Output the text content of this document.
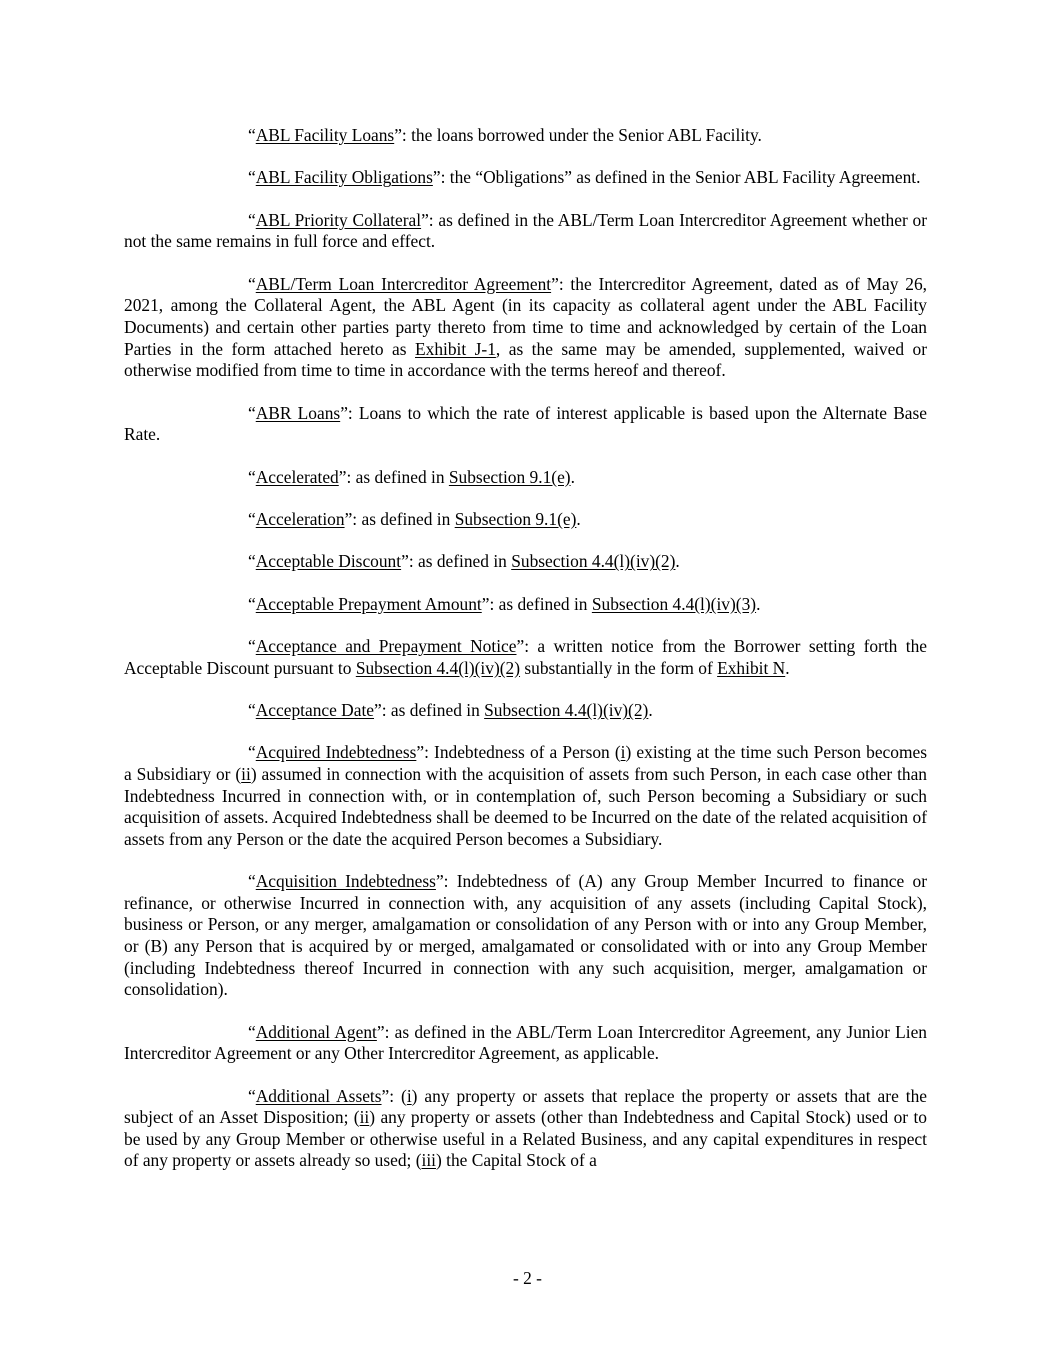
“ABL Facility Loans”: the loans borrowed under the Senior ABL Facility.

“ABL Facility Obligations”: the “Obligations” as defined in the Senior ABL Facility Agreement.

“ABL Priority Collateral”: as defined in the ABL/Term Loan Intercreditor Agreement whether or not the same remains in full force and effect.

“ABL/Term Loan Intercreditor Agreement”: the Intercreditor Agreement, dated as of May 26, 2021, among the Collateral Agent, the ABL Agent (in its capacity as collateral agent under the ABL Facility Documents) and certain other parties party thereto from time to time and acknowledged by certain of the Loan Parties in the form attached hereto as Exhibit J-1, as the same may be amended, supplemented, waived or otherwise modified from time to time in accordance with the terms hereof and thereof.

“ABR Loans”: Loans to which the rate of interest applicable is based upon the Alternate Base Rate.

“Accelerated”: as defined in Subsection 9.1(e).

“Acceleration”: as defined in Subsection 9.1(e).

“Acceptable Discount”: as defined in Subsection 4.4(l)(iv)(2).

“Acceptable Prepayment Amount”: as defined in Subsection 4.4(l)(iv)(3).

“Acceptance and Prepayment Notice”: a written notice from the Borrower setting forth the Acceptable Discount pursuant to Subsection 4.4(l)(iv)(2) substantially in the form of Exhibit N.

“Acceptance Date”: as defined in Subsection 4.4(l)(iv)(2).

“Acquired Indebtedness”: Indebtedness of a Person (i) existing at the time such Person becomes a Subsidiary or (ii) assumed in connection with the acquisition of assets from such Person, in each case other than Indebtedness Incurred in connection with, or in contemplation of, such Person becoming a Subsidiary or such acquisition of assets. Acquired Indebtedness shall be deemed to be Incurred on the date of the related acquisition of assets from any Person or the date the acquired Person becomes a Subsidiary.

“Acquisition Indebtedness”: Indebtedness of (A) any Group Member Incurred to finance or refinance, or otherwise Incurred in connection with, any acquisition of any assets (including Capital Stock), business or Person, or any merger, amalgamation or consolidation of any Person with or into any Group Member, or (B) any Person that is acquired by or merged, amalgamated or consolidated with or into any Group Member (including Indebtedness thereof Incurred in connection with any such acquisition, merger, amalgamation or consolidation).

“Additional Agent”: as defined in the ABL/Term Loan Intercreditor Agreement, any Junior Lien Intercreditor Agreement or any Other Intercreditor Agreement, as applicable.

“Additional Assets”: (i) any property or assets that replace the property or assets that are the subject of an Asset Disposition; (ii) any property or assets (other than Indebtedness and Capital Stock) used or to be used by any Group Member or otherwise useful in a Related Business, and any capital expenditures in respect of any property or assets already so used; (iii) the Capital Stock of a

- 2 -
